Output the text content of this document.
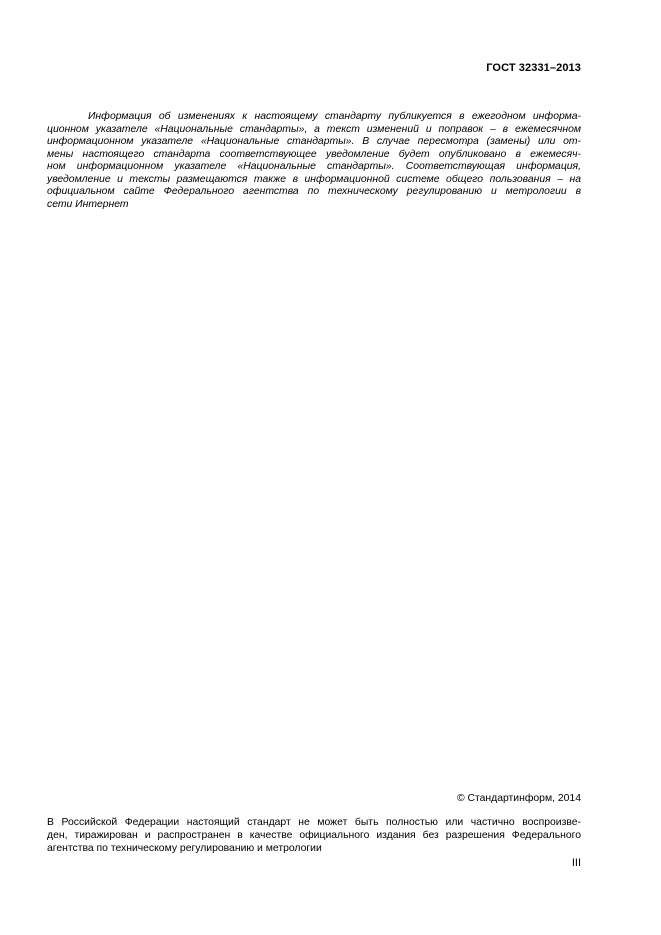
ГОСТ 32331–2013
Информация об изменениях к настоящему стандарту публикуется в ежегодном информа-
ционном указателе «Национальные стандарты», а текст изменений и поправок – в ежемесячном
информационном указателе «Национальные стандарты». В случае пересмотра (замены) или от-
мены настоящего стандарта соответствующее уведомление будет опубликовано в ежемесяч-
ном информационном указателе «Национальные стандарты». Соответствующая информация,
уведомление и тексты размещаются также в информационной системе общего пользования – на
официальном сайте Федерального агентства по техническому регулированию и метрологии в
сети Интернет
© Стандартинформ, 2014
В Российской Федерации настоящий стандарт не может быть полностью или частично воспроизве-
ден, тиражирован и распространен в качестве официального издания без разрешения Федерального
агентства по техническому регулированию и метрологии
III
